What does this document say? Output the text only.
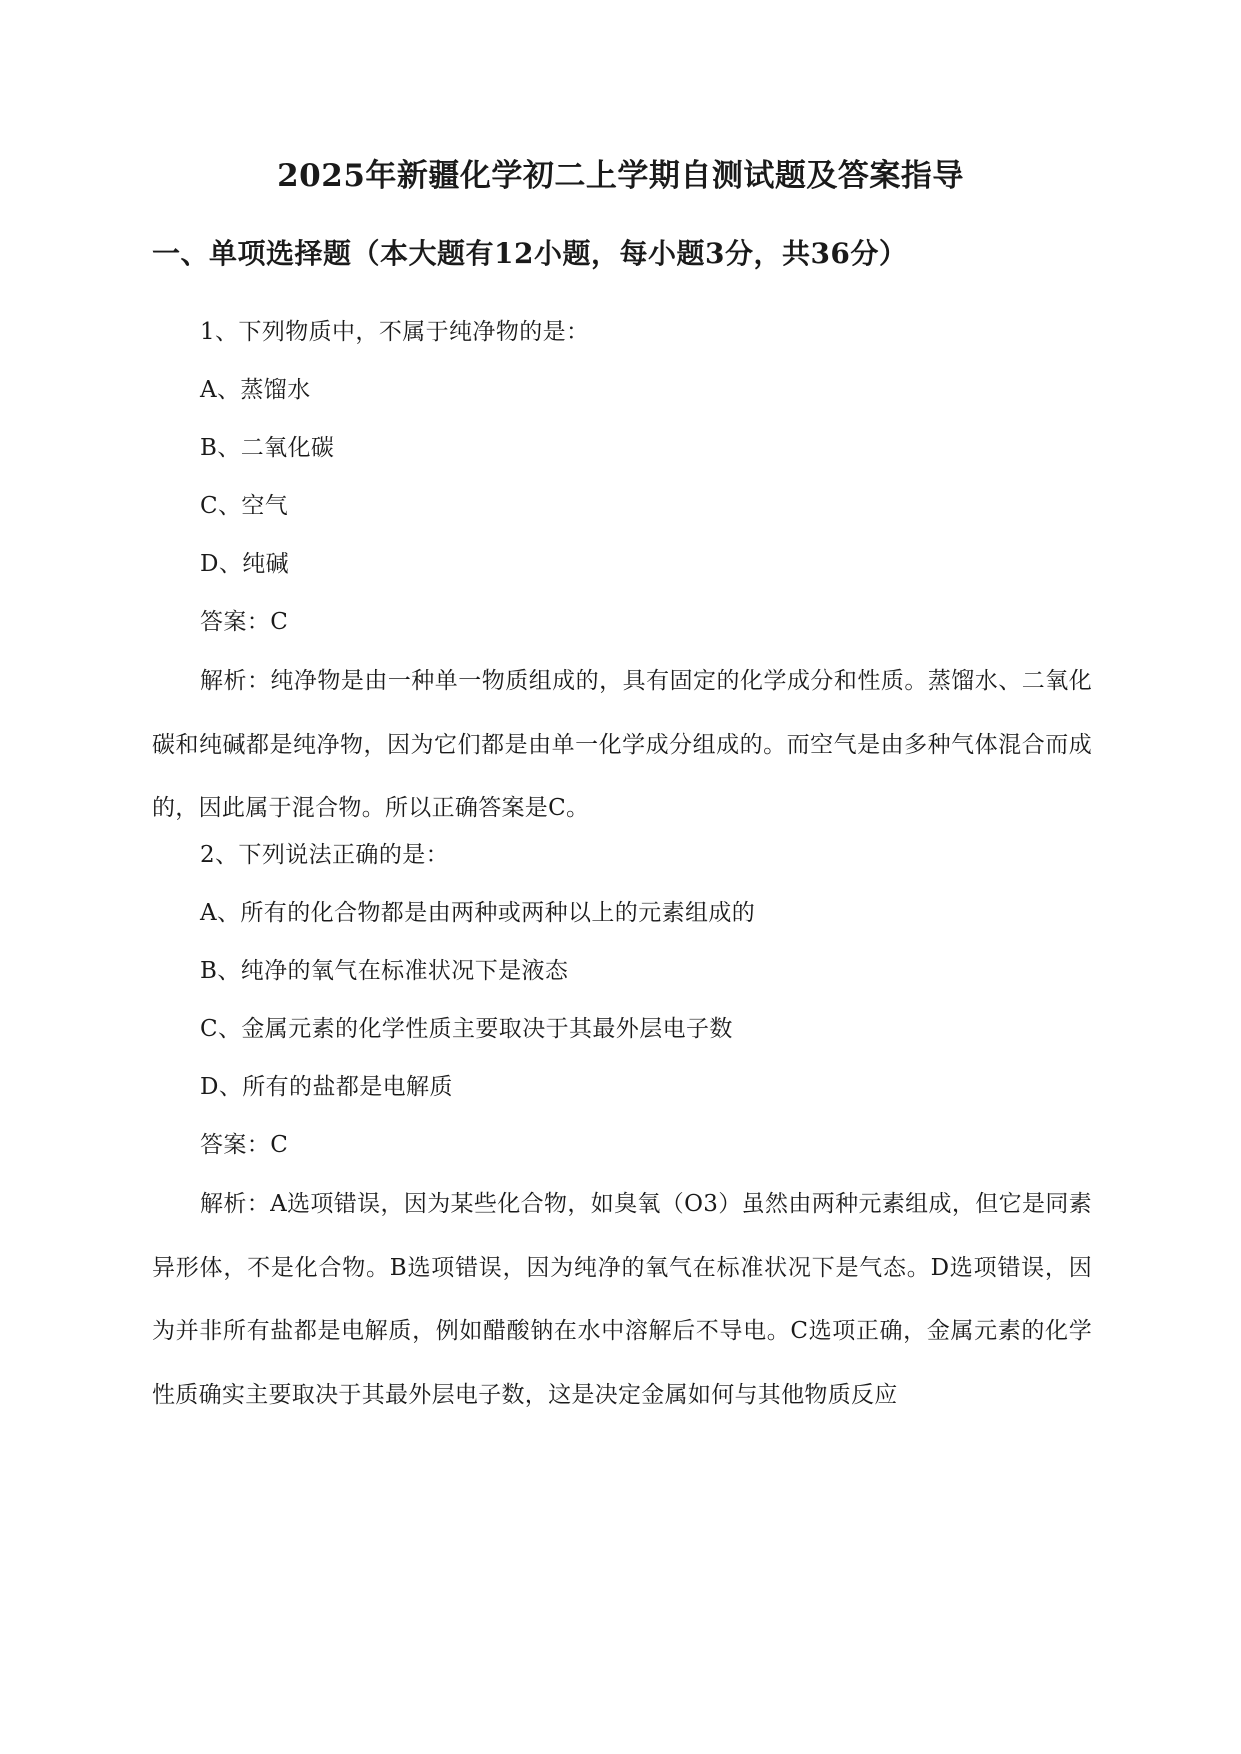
2025年新疆化学初二上学期自测试题及答案指导
一、单项选择题（本大题有12小题，每小题3分，共36分）
1、下列物质中，不属于纯净物的是：
A、蒸馏水
B、二氧化碳
C、空气
D、纯碱
答案：C
解析：纯净物是由一种单一物质组成的，具有固定的化学成分和性质。蒸馏水、二氧化碳和纯碱都是纯净物，因为它们都是由单一化学成分组成的。而空气是由多种气体混合而成的，因此属于混合物。所以正确答案是C。
2、下列说法正确的是：
A、所有的化合物都是由两种或两种以上的元素组成的
B、纯净的氧气在标准状况下是液态
C、金属元素的化学性质主要取决于其最外层电子数
D、所有的盐都是电解质
答案：C
解析：A选项错误，因为某些化合物，如臭氧（O3）虽然由两种元素组成，但它是同素异形体，不是化合物。B选项错误，因为纯净的氧气在标准状况下是气态。D选项错误，因为并非所有盐都是电解质，例如醋酸钠在水中溶解后不导电。C选项正确，金属元素的化学性质确实主要取决于其最外层电子数，这是决定金属如何与其他物质反应
